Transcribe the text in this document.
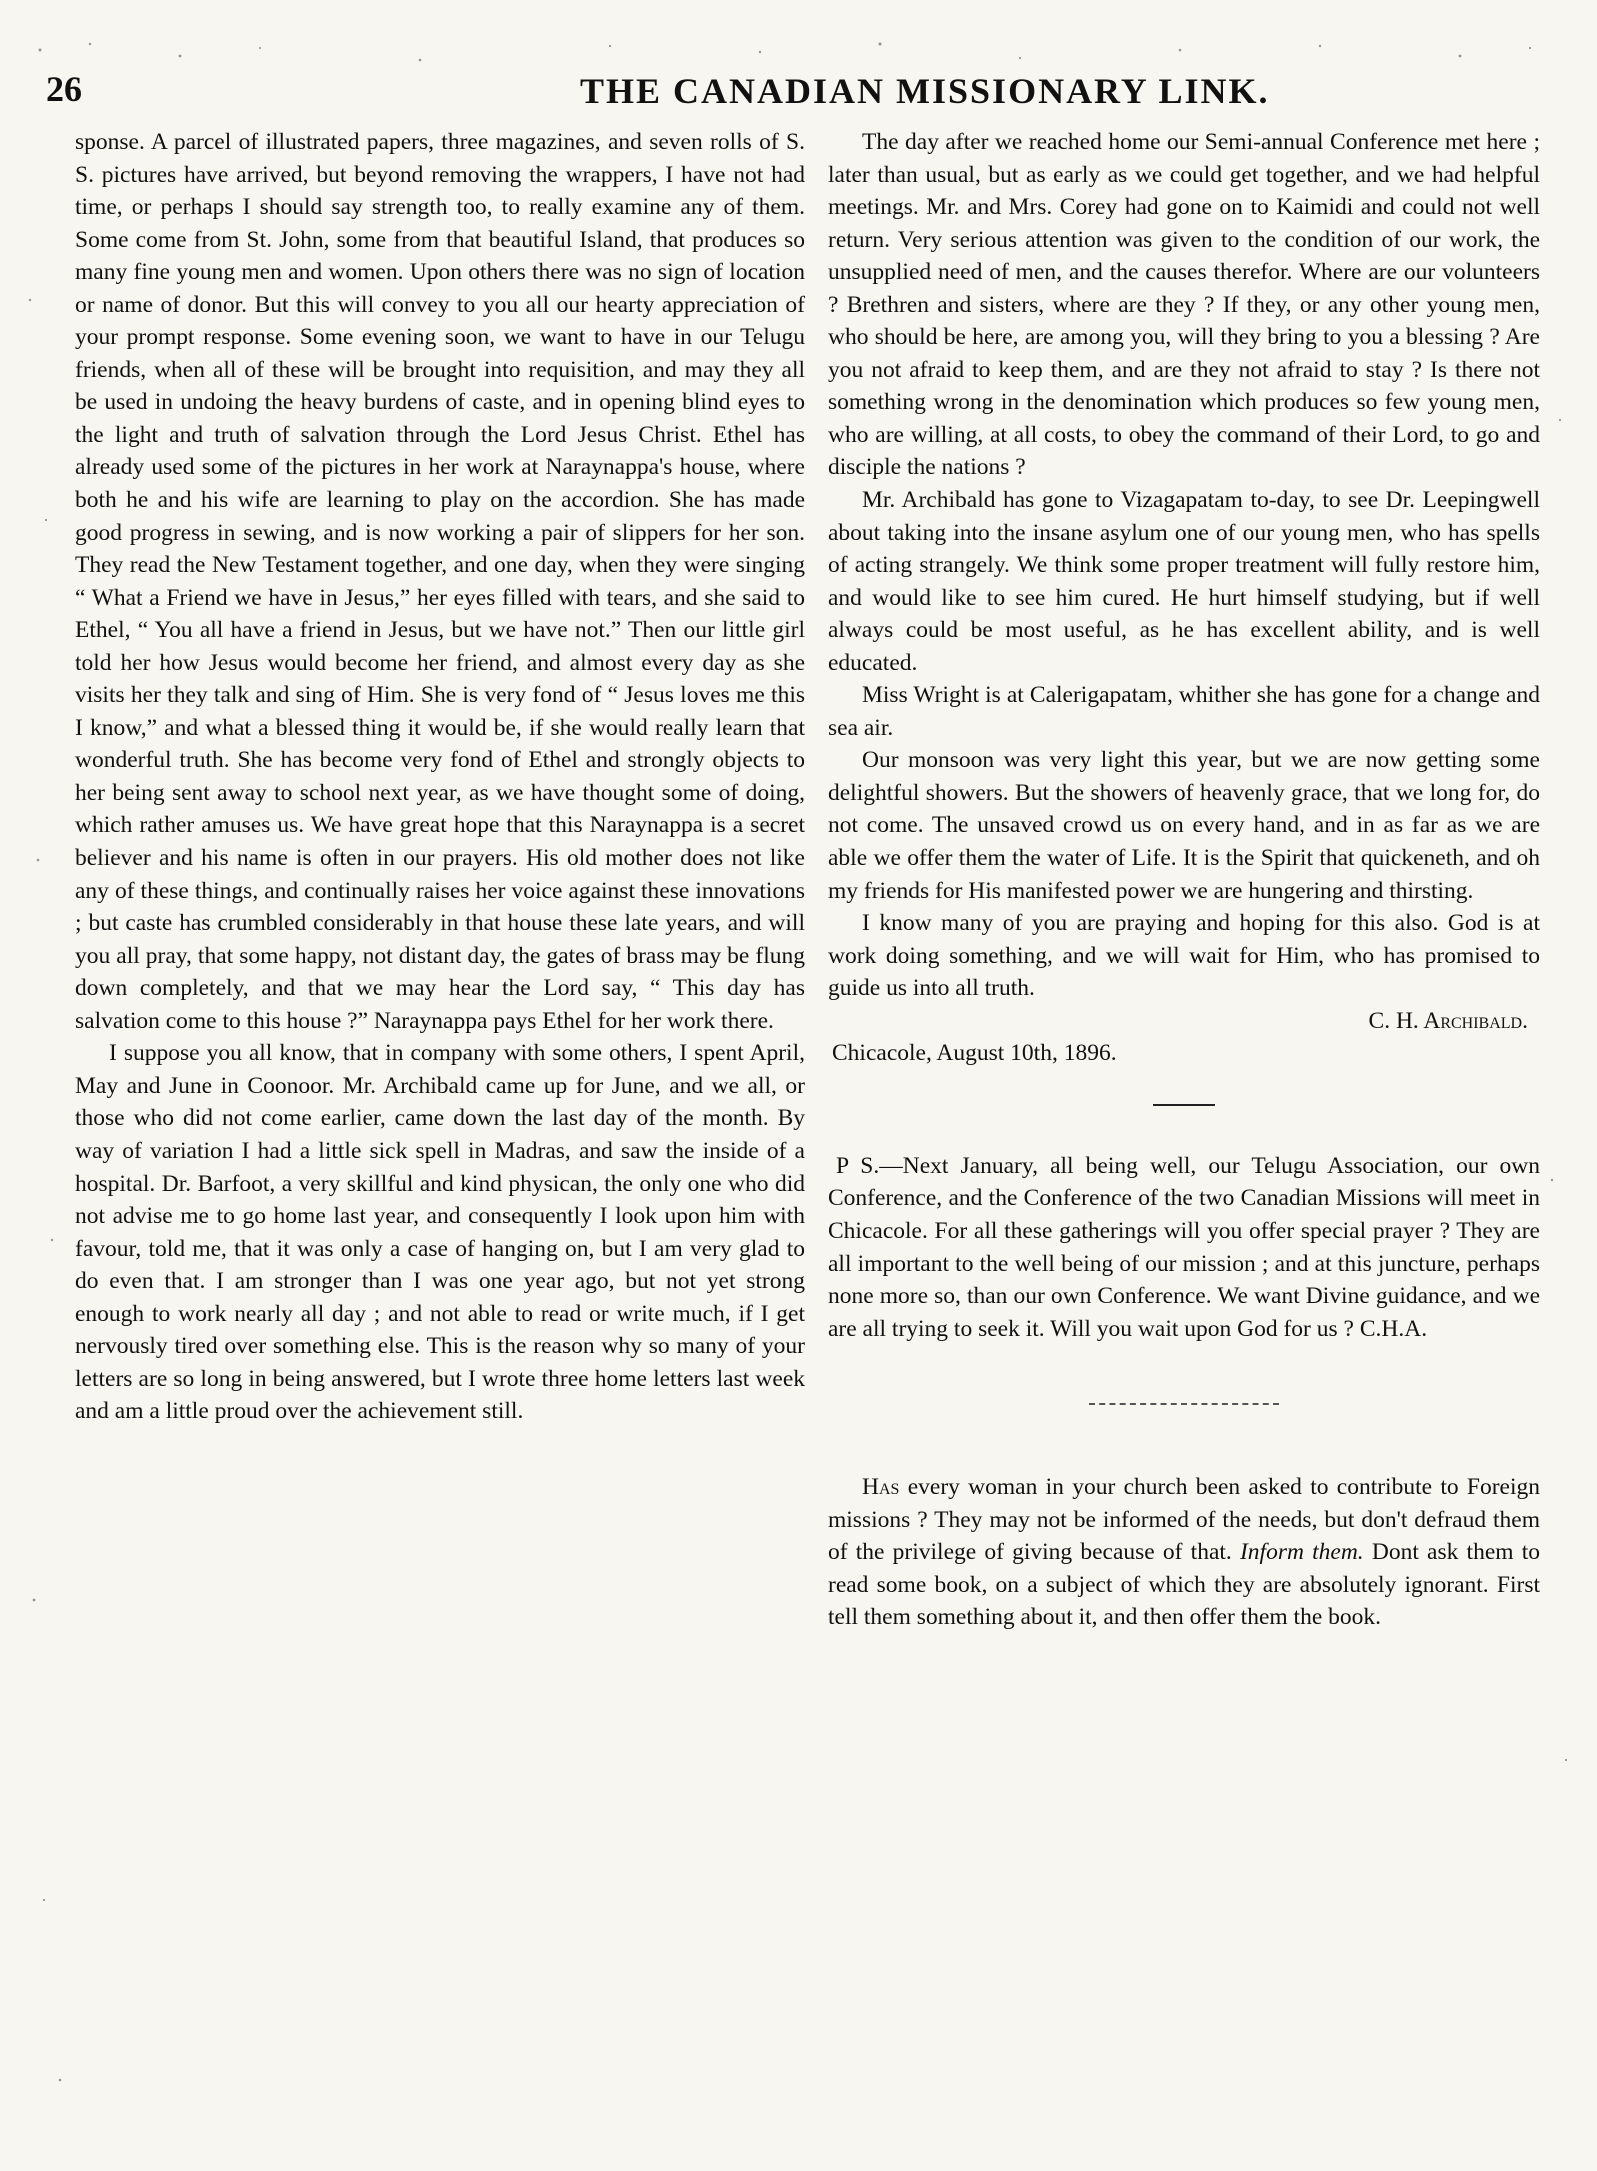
26	THE CANADIAN MISSIONARY LINK.

sponse. A parcel of illustrated papers, three magazines, and seven rolls of S. S. pictures have arrived, but beyond removing the wrappers, I have not had time, or perhaps I should say strength too, to really examine any of them. Some come from St. John, some from that beautiful Island, that produces so many fine young men and women. Upon others there was no sign of location or name of donor. But this will convey to you all our hearty appreciation of your prompt response. Some evening soon, we want to have in our Telugu friends, when all of these will be brought into requisition, and may they all be used in undoing the heavy burdens of caste, and in opening blind eyes to the light and truth of salvation through the Lord Jesus Christ. Ethel has already used some of the pictures in her work at Naraynappa's house, where both he and his wife are learning to play on the accordion. She has made good progress in sewing, and is now working a pair of slippers for her son. They read the New Testament together, and one day, when they were singing “ What a Friend we have in Jesus,” her eyes filled with tears, and she said to Ethel, “ You all have a friend in Jesus, but we have not.” Then our little girl told her how Jesus would become her friend, and almost every day as she visits her they talk and sing of Him. She is very fond of “ Jesus loves me this I know,” and what a blessed thing it would be, if she would really learn that wonderful truth. She has become very fond of Ethel and strongly objects to her being sent away to school next year, as we have thought some of doing, which rather amuses us. We have great hope that this Naraynappa is a secret believer and his name is often in our prayers. His old mother does not like any of these things, and continually raises her voice against these innovations ; but caste has crumbled considerably in that house these late years, and will you all pray, that some happy, not distant day, the gates of brass may be flung down completely, and that we may hear the Lord say, “ This day has salvation come to this house ?” Naraynappa pays Ethel for her work there.

I suppose you all know, that in company with some others, I spent April, May and June in Coonoor. Mr. Archibald came up for June, and we all, or those who did not come earlier, came down the last day of the month. By way of variation I had a little sick spell in Madras, and saw the inside of a hospital. Dr. Barfoot, a very skillful and kind physican, the only one who did not advise me to go home last year, and consequently I look upon him with favour, told me, that it was only a case of hanging on, but I am very glad to do even that. I am stronger than I was one year ago, but not yet strong enough to work nearly all day ; and not able to read or write much, if I get nervously tired over something else. This is the reason why so many of your letters are so long in being answered, but I wrote three home letters last week and am a little proud over the achievement still.

The day after we reached home our Semi-annual Conference met here ; later than usual, but as early as we could get together, and we had helpful meetings. Mr. and Mrs. Corey had gone on to Kaimidi and could not well return. Very serious attention was given to the condition of our work, the unsupplied need of men, and the causes therefor. Where are our volunteers ? Brethren and sisters, where are they ? If they, or any other young men, who should be here, are among you, will they bring to you a blessing ? Are you not afraid to keep them, and are they not afraid to stay ? Is there not something wrong in the denomination which produces so few young men, who are willing, at all costs, to obey the command of their Lord, to go and disciple the nations ?

Mr. Archibald has gone to Vizagapatam to-day, to see Dr. Leepingwell about taking into the insane asylum one of our young men, who has spells of acting strangely. We think some proper treatment will fully restore him, and would like to see him cured. He hurt himself studying, but if well always could be most useful, as he has excellent ability, and is well educated.

Miss Wright is at Calerigapatam, whither she has gone for a change and sea air.

Our monsoon was very light this year, but we are now getting some delightful showers. But the showers of heavenly grace, that we long for, do not come. The unsaved crowd us on every hand, and in as far as we are able we offer them the water of Life. It is the Spirit that quickeneth, and oh my friends for His manifested power we are hungering and thirsting.

I know many of you are praying and hoping for this also. God is at work doing something, and we will wait for Him, who has promised to guide us into all truth.

C. H. Archibald.

Chicacole, August 10th, 1896.

P S.—Next January, all being well, our Telugu Association, our own Conference, and the Conference of the two Canadian Missions will meet in Chicacole. For all these gatherings will you offer special prayer ? They are all important to the well being of our mission ; and at this juncture, perhaps none more so, than our own Conference. We want Divine guidance, and we are all trying to seek it. Will you wait upon God for us ? C.H.A.

Has every woman in your church been asked to contribute to Foreign missions ? They may not be informed of the needs, but don't defraud them of the privilege of giving because of that. Inform them. Dont ask them to read some book, on a subject of which they are absolutely ignorant. First tell them something about it, and then offer them the book.
